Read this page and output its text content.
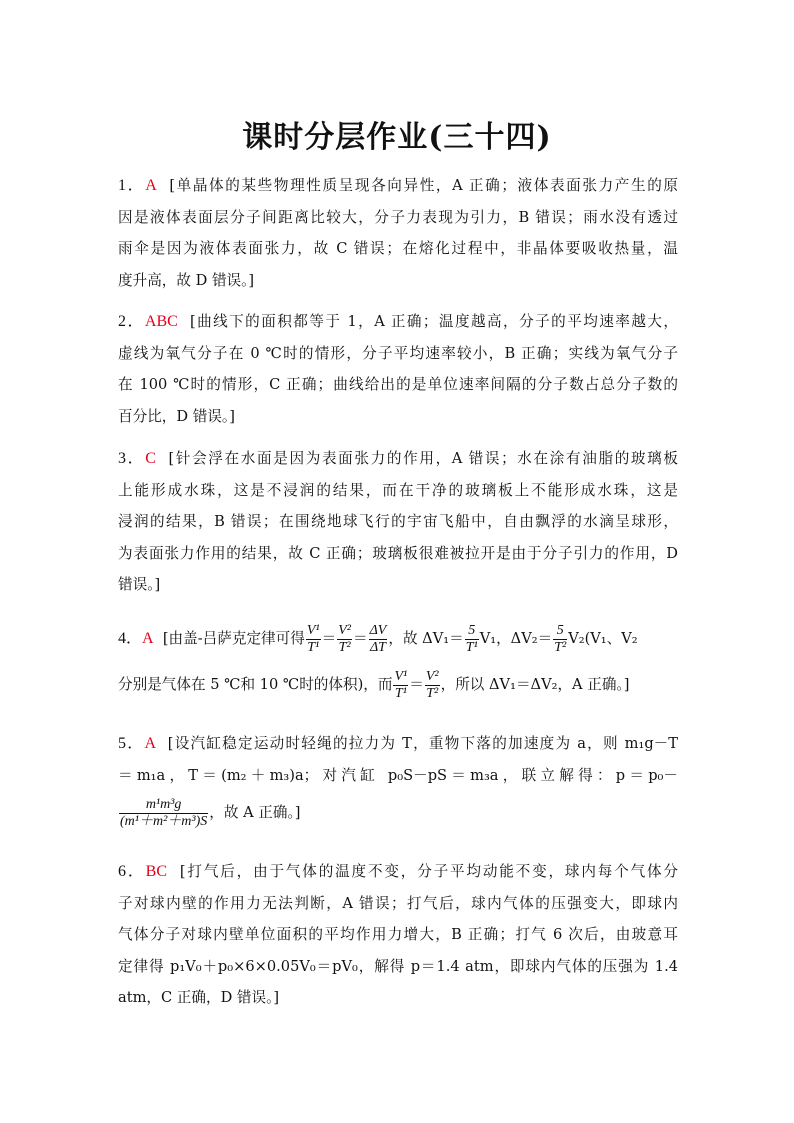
课时分层作业(三十四)
1．A [单晶体的某些物理性质呈现各向异性，A 正确；液体表面张力产生的原
因是液体表面层分子间距离比较大，分子力表现为引力，B 错误；雨水没有透过
雨伞是因为液体表面张力，故 C 错误；在熔化过程中，非晶体要吸收热量，温
度升高，故 D 错误。]
2．ABC [曲线下的面积都等于 1，A 正确；温度越高，分子的平均速率越大，
虚线为氧气分子在 0 ℃时的情形，分子平均速率较小，B 正确；实线为氧气分子
在 100 ℃时的情形，C 正确；曲线给出的是单位速率间隔的分子数占总分子数的
百分比，D 错误。]
3．C [针会浮在水面是因为表面张力的作用，A 错误；水在涂有油脂的玻璃板
上能形成水珠，这是不浸润的结果，而在干净的玻璃板上不能形成水珠，这是
浸润的结果，B 错误；在围绕地球飞行的宇宙飞船中，自由飘浮的水滴呈球形，
为表面张力作用的结果，故 C 正确；玻璃板很难被拉开是由于分子引力的作用，D
错误。]
4．A [由盖-吕萨克定律可得 $\frac{\text{V¹}}{\text{T¹}} = \frac{\text{V²}}{\text{T²}} = \frac{\Delta V}{\Delta T}$ ，故 $\Delta V_1= \frac{5}{\text{T¹}} V_1$，$\Delta V_2= \frac{5}{\text{T²}} V_2(V_1$、V₂
分别是气体在 5 ℃和 10 ℃时的体积)，而 $\frac{\text{V¹}}{\text{T¹}} = \frac{\text{V²}}{\text{T²}}$ ，所以 ΔV₁＝ΔV₂，A 正确。]
5．A [设汽缸稳定运动时轻绳的拉力为 T，重物下落的加速度为 a，则 m₁g－T
＝m₁a，T＝(m₂＋m₃)a；对汽缸 p₀S－pS＝m₃a，联立解得：p＝p₀－
$\frac{\text{m¹m³g}}{\text{(m¹＋m²＋m³)S}}$ ，故 A 正确。]
6．BC [打气后，由于气体的温度不变，分子平均动能不变，球内每个气体分
子对球内壁的作用力无法判断，A 错误；打气后，球内气体的压强变大，即球内
气体分子对球内壁单位面积的平均作用力增大，B 正确；打气 6 次后，由玻意耳
定律得 p₁V₀＋p₀×6×0.05V₀＝pV₀，解得 p＝1.4 atm，即球内气体的压强为 1.4
atm，C 正确，D 错误。]
